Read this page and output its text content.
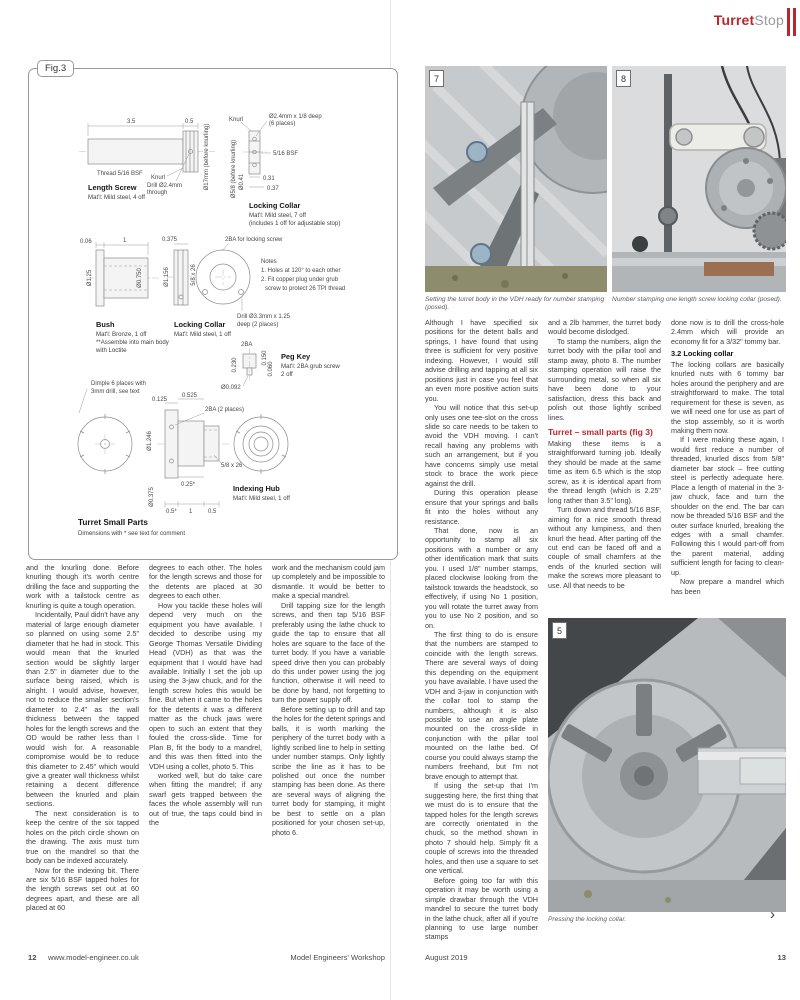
TurretStop
Fig.3
3.5	0.5
Ø17mm (before knurling)
Drill Ø2.4mm
through
Knurl
Thread 5/16 BSF
Length Screw
Mat'l: Mild steel, 4 off
Knurl	Ø2.4mm x 1/8 deep
(6 places)
5/16 BSF
0.31
0.37
Ø5/8 (before knurling) Ø0.41
Locking Collar
Mat'l: Mild steel, 7 off
(includes 1 off for adjustable stop)
0.06	1
Ø1.25	Ø0.750
Bush
Mat'l: Bronze, 1 off
**Assemble into main body
with Loctite
0.375
Ø1.156	5/8 x 26
2BA for locking screw
Notes
1. Holes at 120° to each other
2. Fit copper plug under grub
screw to protect 26 TPI thread
Drill Ø3.3mm x 1.25
deep (2 places)
Locking Collar
Mat'l: Mild steel, 1 off
2BA
0.150
0.060
0.230
Ø0.092
Peg Key
Mat'l: 2BA grub screw
2 off
Dimple 6 places with
3mm drill, see text
0.125
0.525
2BA (2 places)
Ø1.246
5/8 x 26
0.25*
Ø0.375
0.5* 1	0.5
Indexing Hub
Mat'l: Mild steel, 1 off
Turret Small Parts
Dimensions with * see text for comment

and the knurling done. Before knurling though it's worth centre drilling the face and supporting the work with a tailstock centre as knurling is quite a tough operation.

Incidentally, Paul didn't have any material of large enough diameter so planned on using some 2.5" diameter that he had in stock. This would mean that the knurled section would be slightly larger than 2.5" in diameter due to the surface being raised, which is alright. I would advise, however, not to reduce the smaller section's diameter to 2.4" as the wall thickness between the tapped holes for the length screws and the OD would be rather less than I would wish for. A reasonable compromise would be to reduce this diameter to 2.45" which would give a greater wall thickness whilst retaining a decent difference between the knurled and plain sections.

The next consideration is to keep the centre of the six tapped holes on the pitch circle shown on the drawing. The axis must turn true on the mandrel so that the body can be indexed accurately.

Now for the indexing bit. There are six 5/16 BSF tapped holes for the length screws set out at 60 degrees apart, and these are all placed at 60

degrees to each other. The holes for the length screws and those for the detents are placed at 30 degrees to each other.

How you tackle these holes will depend very much on the equipment you have available. I decided to describe using my George Thomas Versatile Dividing Head (VDH) as that was the equipment that I would have had available. Initially I set the job up using the 3-jaw chuck, and for the length screw holes this would be fine. But when it came to the holes for the detents it was a different matter as the chuck jaws were open to such an extent that they fouled the cross-slide. Time for Plan B, fit the body to a mandrel, and this was then fitted into the VDH using a collet, photo 5. This

worked well, but do take care when fitting the mandrel; if any swarf gets trapped between the faces the whole assembly will run out of true, the taps could bind in the

work and the mechanism could jam up completely and be impossible to dismantle. It would be better to make a special mandrel.

Drill tapping size for the length screws, and then tap 5/16 BSF preferably using the lathe chuck to guide the tap to ensure that all holes are square to the face of the turret body. If you have a variable speed drive then you can probably do this under power using the jog function, otherwise it will need to be done by hand, not forgetting to turn the power supply off.

Before setting up to drill and tap the holes for the detent springs and balls, it is worth marking the periphery of the turret body with a lightly scribed line to help in setting under number stamps. Only lightly scribe the line as it has to be polished out once the number stamping has been done. As there are several ways of aligning the turret body for stamping, it might be best to settle on a plan positioned for your chosen set-up, photo 6.

7	8
Setting the turret body in the VDH ready for number stamping (posed).
Number stamping one length screw locking collar (posed).

Although I have specified six positions for the detent balls and springs, I have found that using three is sufficient for very positive indexing. However, I would still advise drilling and tapping at all six positions just in case you feel that an even more positive action suits you.

You will notice that this set-up only uses one tee-slot on the cross slide so care needs to be taken to avoid the VDH moving. I can't recall having any problems with such an arrangement, but if you have concerns simply use metal stock to brace the work piece against the drill.

During this operation please ensure that your springs and balls fit into the holes without any resistance.

That done, now is an opportunity to stamp all six positions with a number or any other identification mark that suits you. I used 1/8" number stamps, placed clockwise looking from the tailstock towards the headstock, so effectively, if using No 1 position, you will rotate the turret away from you to use No 2 position, and so on.

The first thing to do is ensure that the numbers are stamped to coincide with the length screws. There are several ways of doing this depending on the equipment you have available. I have used the VDH and 3-jaw in conjunction with the collar tool to stamp the numbers, although it is also possible to use an angle plate mounted on the cross-slide in conjunction with the pillar tool mounted on the lathe bed. Of course you could always stamp the numbers freehand, but I'm not brave enough to attempt that.

If using the set-up that I'm suggesting here, the first thing that we must do is to ensure that the tapped holes for the length screws are correctly orientated in the chuck, so the method shown in photo 7 should help. Simply fit a couple of screws into the threaded holes, and then use a square to set one vertical.

Before going too far with this operation it may be worth using a simple drawbar through the VDH mandrel to secure the turret body in the lathe chuck, after all if you're planning to use large number stamps

and a 2lb hammer, the turret body would become dislodged.

To stamp the numbers, align the turret body with the pillar tool and stamp away, photo 8. The number stamping operation will raise the surrounding metal, so when all six have been done to your satisfaction, dress this back and polish out those lightly scribed lines.

Turret – small parts (fig 3)

Making these items is a straightforward turning job. Ideally they should be made at the same time as item 6.5 which is the stop screw, as it is identical apart from the thread length (which is 2.25" long rather than 3.5" long).

Turn down and thread 5/16 BSF, aiming for a nice smooth thread without any lumpiness, and then knurl the head. After parting off the cut end can be faced off and a couple of small chamfers at the ends of the knurled section will make the screws more pleasant to use. All that needs to be

done now is to drill the cross-hole 2.4mm which will provide an economy fit for a 3/32" tommy bar.

3.2 Locking collar

The locking collars are basically knurled nuts with 6 tommy bar holes around the periphery and are straightforward to make. The total requirement for these is seven, as we will need one for use as part of the stop assembly, so it is worth making them now.

If I were making these again, I would first reduce a number of threaded, knurled discs from 5/8" diameter bar stock – free cutting steel is perfectly adequate here. Place a length of material in the 3-jaw chuck, face and turn the shoulder on the end. The bar can now be threaded 5/16 BSF and the outer surface knurled, breaking the edges with a small chamfer. Following this I would part-off from the parent material, adding sufficient length for facing to clean-up.

Now prepare a mandrel which has been

5
Pressing the locking collar.	›
12 www.model-engineer.co.uk	Model Engineers' Workshop	August 2019	13
